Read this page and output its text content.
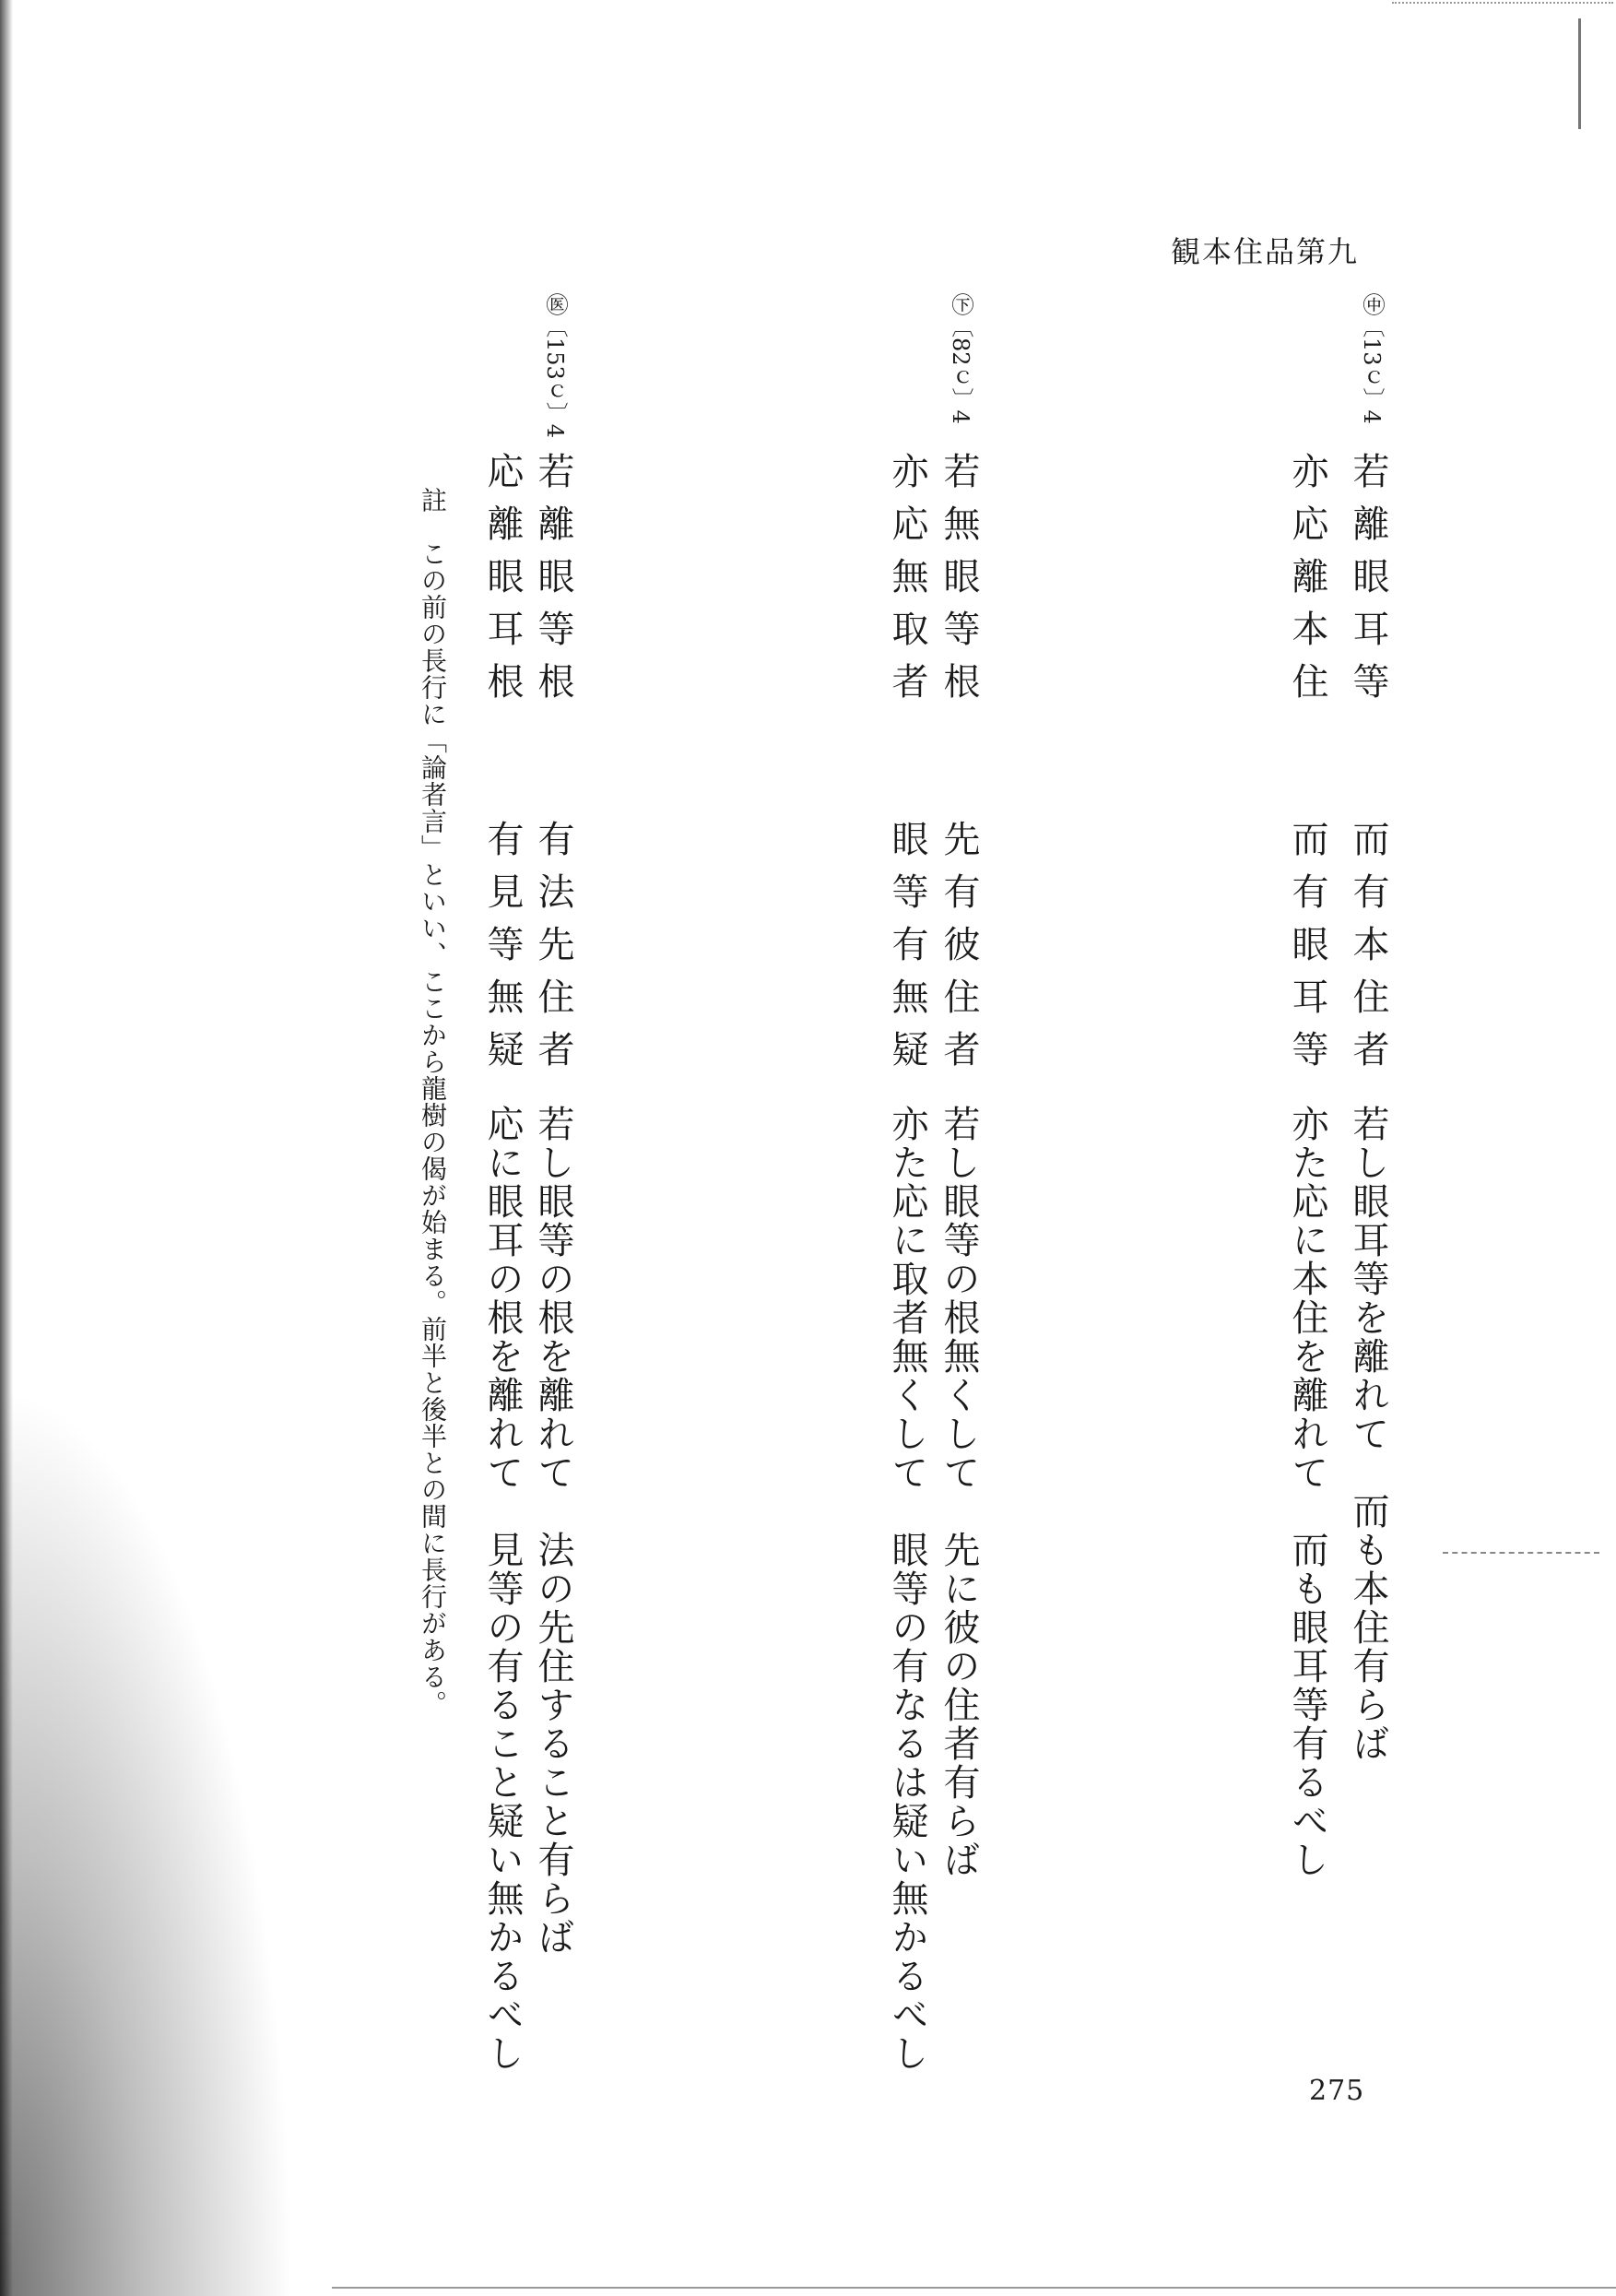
観本住品第九
㊥〔13ｃ〕4
若離眼耳等　　而有本住者
亦応離本住　　而有眼耳等
若し眼耳等を離れて　而も本住有らば
亦た応に本住を離れて　而も眼耳等有るべし
㊦〔82ｃ〕4
若無眼等根　　先有彼住者
亦応無取者　　眼等有無疑
若し眼等の根無くして　先に彼の住者有らば
亦た応に取者無くして　眼等の有なるは疑い無かるべし
㊩〔153ｃ〕4
若離眼等根　　有法先住者
応離眼耳根　　有見等無疑
若し眼等の根を離れて　法の先住すること有らば
応に眼耳の根を離れて　見等の有ること疑い無かるべし
註　この前の長行に「論者言」といい、ここから龍樹の偈が始まる。前半と後半との間に長行がある。
275
